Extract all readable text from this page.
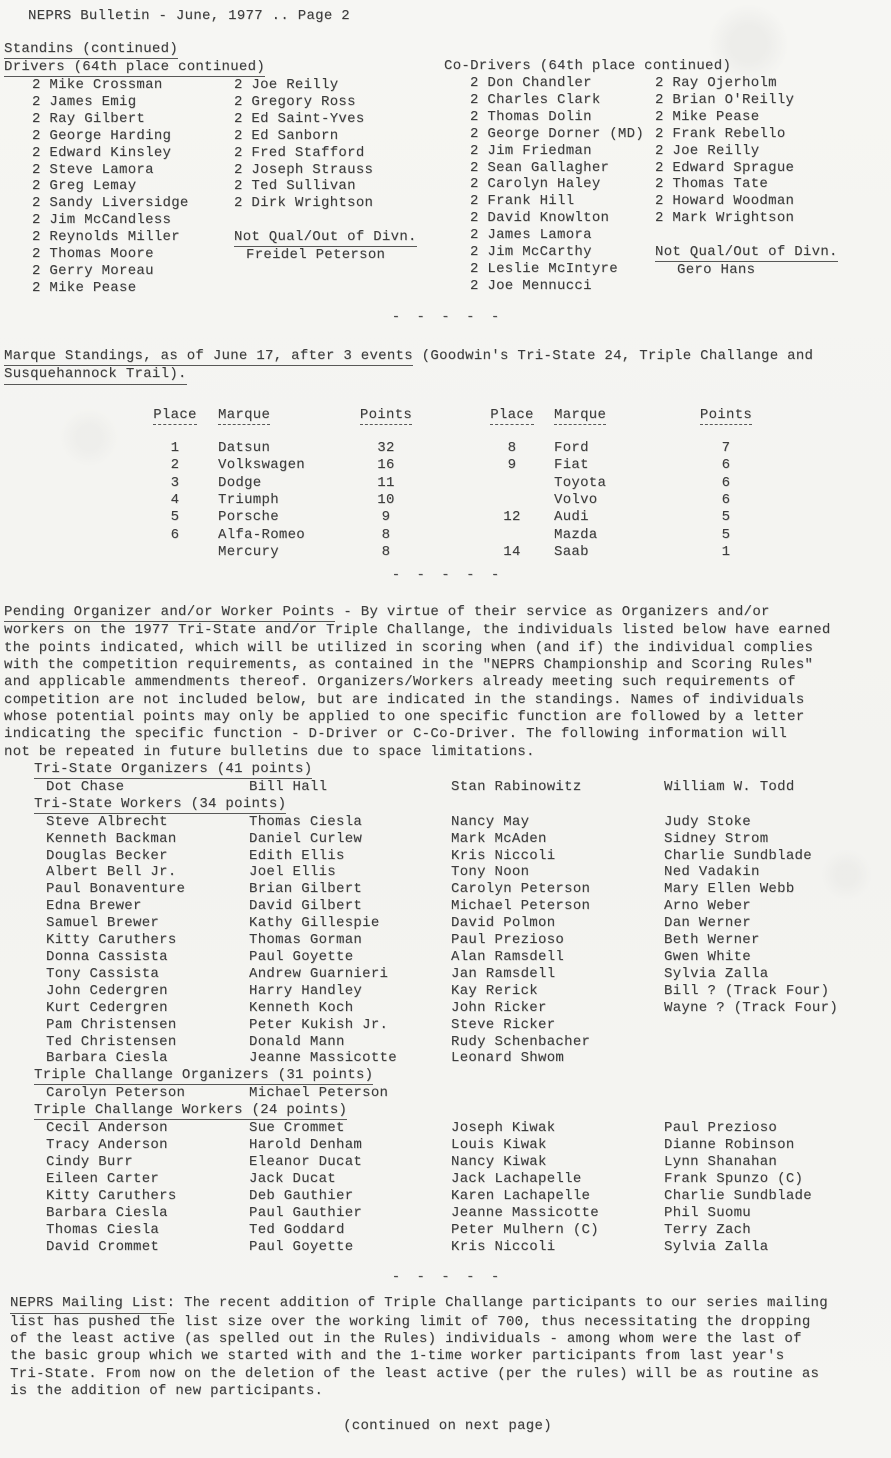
NEPRS Bulletin - June, 1977 .. Page 2
Standins (continued)
Drivers (64th place continued)
2 Mike Crossman
2 James Emig
2 Ray Gilbert
2 George Harding
2 Edward Kinsley
2 Steve Lamora
2 Greg Lemay
2 Sandy Liversidge
2 Jim McCandless
2 Reynolds Miller
2 Thomas Moore
2 Gerry Moreau
2 Mike Pease
2 Joe Reilly
2 Gregory Ross
2 Ed Saint-Yves
2 Ed Sanborn
2 Fred Stafford
2 Joseph Strauss
2 Ted Sullivan
2 Dirk Wrightson
Not Qual/Out of Divn.
Freidel Peterson

Co-Drivers (64th place continued)
2 Don Chandler
2 Charles Clark
2 Thomas Dolin
2 George Dorner (MD)
2 Jim Friedman
2 Sean Gallagher
2 Carolyn Haley
2 Frank Hill
2 David Knowlton
2 James Lamora
2 Jim McCarthy
2 Leslie McIntyre
2 Joe Mennucci
2 Ray Ojerholm
2 Brian O'Reilly
2 Mike Pease
2 Frank Rebello
2 Joe Reilly
2 Edward Sprague
2 Thomas Tate
2 Howard Woodman
2 Mark Wrightson
Not Qual/Out of Divn.
Gero Hans
- - - - -
Marque Standings, as of June 17, after 3 events (Goodwin's Tri-State 24, Triple Challange and
Susquehannock Trail).
Place	Marque	Points
1	Datsun	32
2	Volkswagen	16
3	Dodge	11
4	Triumph	10
5	Porsche	9
6	Alfa-Romeo	8
Mercury	8
Place	Marque	Points
8	Ford	7
9	Fiat	6
Toyota	6
Volvo	6
12	Audi	5
Mazda	5
14	Saab	1
- - - - -
Pending Organizer and/or Worker Points - By virtue of their service as Organizers and/or
workers on the 1977 Tri-State and/or Triple Challange, the individuals listed below have earned
the points indicated, which will be utilized in scoring when (and if) the individual complies
with the competition requirements, as contained in the "NEPRS Championship and Scoring Rules"
and applicable ammendments thereof. Organizers/Workers already meeting such requirements of
competition are not included below, but are indicated in the standings. Names of individuals
whose potential points may only be applied to one specific function are followed by a letter
indicating the specific function - D-Driver or C-Co-Driver. The following information will
not be repeated in future bulletins due to space limitations.
Tri-State Organizers (41 points)
Dot Chase	Bill Hall	Stan Rabinowitz	William W. Todd
Tri-State Workers (34 points)
Steve Albrecht
Kenneth Backman
Douglas Becker
Albert Bell Jr.
Paul Bonaventure
Edna Brewer
Samuel Brewer
Kitty Caruthers
Donna Cassista
Tony Cassista
John Cedergren
Kurt Cedergren
Pam Christensen
Ted Christensen
Barbara Ciesla
Thomas Ciesla
Daniel Curlew
Edith Ellis
Joel Ellis
Brian Gilbert
David Gilbert
Kathy Gillespie
Thomas Gorman
Paul Goyette
Andrew Guarnieri
Harry Handley
Kenneth Koch
Peter Kukish Jr.
Donald Mann
Jeanne Massicotte
Nancy May
Mark McAden
Kris Niccoli
Tony Noon
Carolyn Peterson
Michael Peterson
David Polmon
Paul Prezioso
Alan Ramsdell
Jan Ramsdell
Kay Rerick
John Ricker
Steve Ricker
Rudy Schenbacher
Leonard Shwom
Judy Stoke
Sidney Strom
Charlie Sundblade
Ned Vadakin
Mary Ellen Webb
Arno Weber
Dan Werner
Beth Werner
Gwen White
Sylvia Zalla
Bill ? (Track Four)
Wayne ? (Track Four)
Triple Challange Organizers (31 points)
Carolyn Peterson	Michael Peterson
Triple Challange Workers (24 points)
Cecil Anderson
Tracy Anderson
Cindy Burr
Eileen Carter
Kitty Caruthers
Barbara Ciesla
Thomas Ciesla
David Crommet
Sue Crommet
Harold Denham
Eleanor Ducat
Jack Ducat
Deb Gauthier
Paul Gauthier
Ted Goddard
Paul Goyette
Joseph Kiwak
Louis Kiwak
Nancy Kiwak
Jack Lachapelle
Karen Lachapelle
Jeanne Massicotte
Peter Mulhern (C)
Kris Niccoli
Paul Prezioso
Dianne Robinson
Lynn Shanahan
Frank Spunzo (C)
Charlie Sundblade
Phil Suomu
Terry Zach
Sylvia Zalla
- - - - -
NEPRS Mailing List: The recent addition of Triple Challange participants to our series mailing
list has pushed the list size over the working limit of 700, thus necessitating the dropping
of the least active (as spelled out in the Rules) individuals - among whom were the last of
the basic group which we started with and the 1-time worker participants from last year's
Tri-State. From now on the deletion of the least active (per the rules) will be as routine as
is the addition of new participants.
(continued on next page)
